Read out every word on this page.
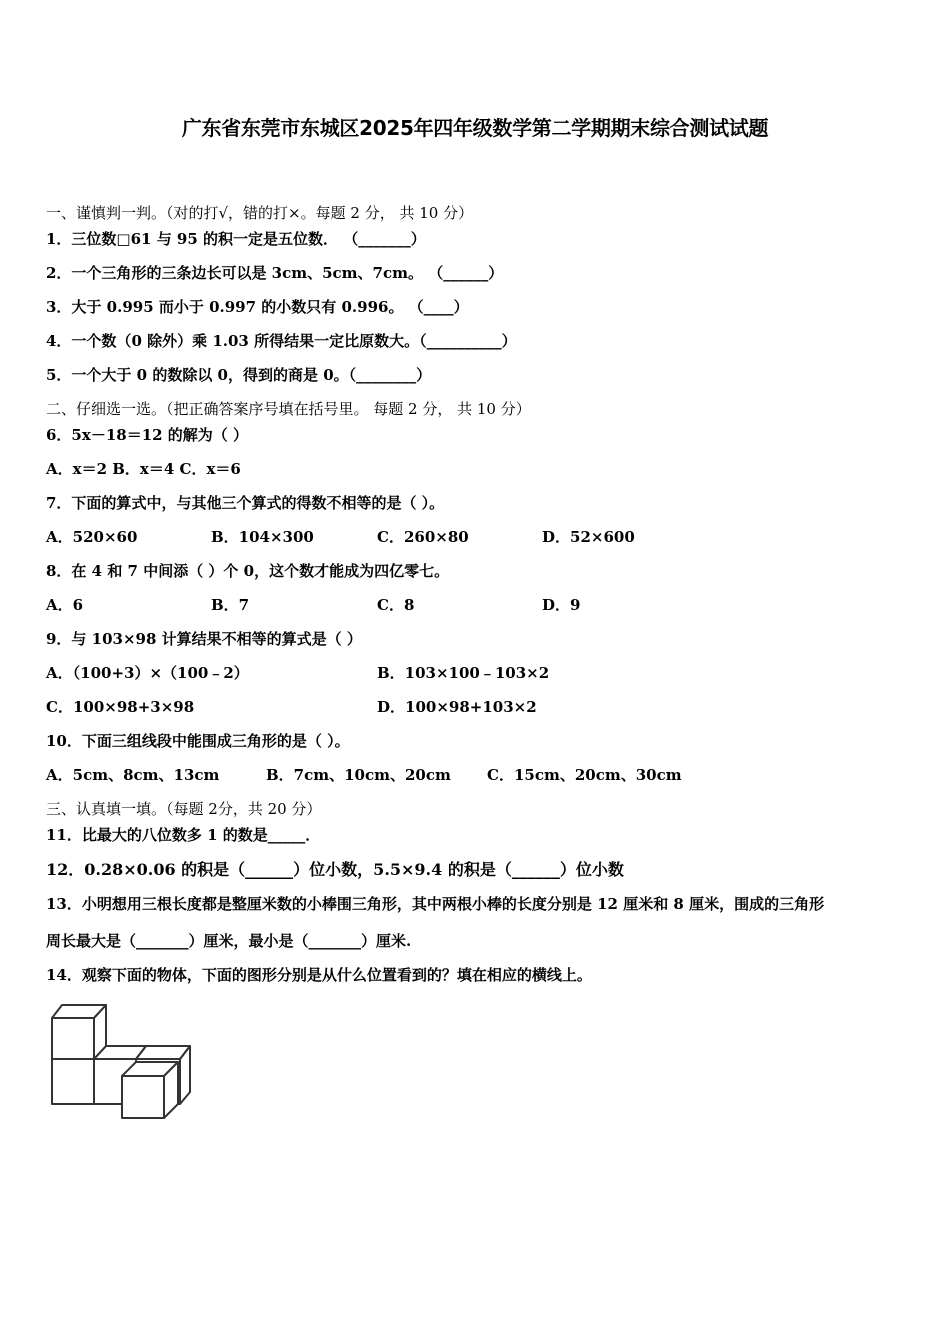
广东省东莞市东城区2025年四年级数学第二学期期末综合测试试题
一、谨慎判一判。（对的打√，错的打×。每题 2 分， 共 10 分）
1．三位数□61 与 95 的积一定是五位数． （_______）
2．一个三角形的三条边长可以是 3cm、5cm、7cm。 （______）
3．大于 0.995 而小于 0.997 的小数只有 0.996。 （____）
4．一个数（0 除外）乘 1.03 所得结果一定比原数大。（__________）
5．一个大于 0 的数除以 0，得到的商是 0。（________）
二、仔细选一选。（把正确答案序号填在括号里。 每题 2 分， 共 10 分）
6．5x－18＝12 的解为（ ）
A．x＝2 B．x＝4 C．x＝6
7．下面的算式中，与其他三个算式的得数不相等的是（ ）。
A．520×60	B．104×300	C．260×80	D．52×600
8．在 4 和 7 中间添（ ）个 0，这个数才能成为四亿零七。
A．6	B．7	C．8	D．9
9．与 103×98 计算结果不相等的算式是（ ）
A．（100+3）×（100﹣2）	B．103×100﹣103×2
C．100×98+3×98	D．100×98+103×2
10．下面三组线段中能围成三角形的是（ ）。
A．5cm、8cm、13cm	B．7cm、10cm、20cm C．15cm、20cm、30cm
三、认真填一填。（每题 2分，共 20 分）
11．比最大的八位数多 1 的数是_____．
12．0.28×0.06 的积是（______）位小数，5.5×9.4 的积是（______）位小数
13．小明想用三根长度都是整厘米数的小棒围三角形，其中两根小棒的长度分别是 12 厘米和 8 厘米，围成的三角形
周长最大是（_______）厘米，最小是（_______）厘米.
14．观察下面的物体，下面的图形分别是从什么位置看到的？填在相应的横线上。
